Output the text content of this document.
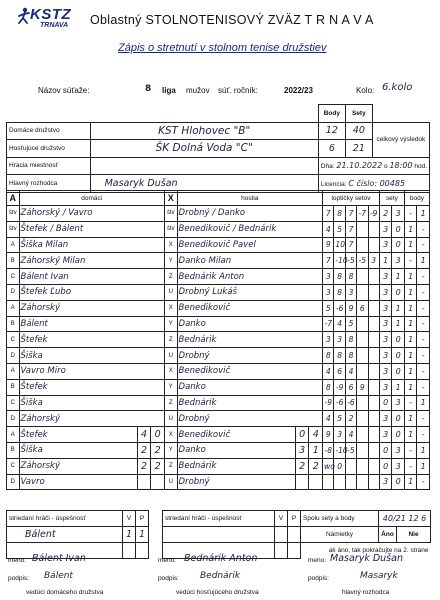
KSTZ
TRNAVA Oblastný STOLNOTENISOVÝ ZVÄZ T R N A V A
Zápis o stretnutí v stolnom tenise družstiev
Názov súťaže:	8 liga mužov súť. ročník:	2022/23	Kolo: 6.kolo
		Body	Sety	
Domáce družstvo	KST Hlohovec "B"	12	40	celkový výsledok
Hosťujúce družstvo	ŠK Dolná Voda "C"	6	21	
Hracia miestnosť		Dňa: 21.10.2022 o 18:00 hod.		
Hlavný rozhodca	Masaryk Dušan	Licencia: C číslo: 00485		
A	domáci			X	hostia			loptičky setov					sety		body	
štv	Záhorský / Vavro			štv	Drobný / Danko			7	8	7	-7	-9	2	3	-	1
štv	Štefek / Bálent			štv	Benedikovič / Bednárik			4	5	7			3	0	1	-
A	Šiška Milan			X	Benedikovič Pavel			9	10	7			3	0	1	-
B	Záhorský Milan			Y	Danko Milan			7	-10	-5	-5	3	1	3	-	1
C	Bálent Ivan			Z	Bednárik Anton			3	8	8			3	1	1	-
D	Štefek Ľubo			U	Drobný Lukáš			3	8	3			3	0	1	-
A	Záhorský			X	Benedikovič			5	-6	9	6		3	1	1	-
B	Bálent			Y	Danko			-7	4	5			3	1	1	-
C	Štefek			Z	Bednárik			3	3	8			3	0	1	-
D	Šiška			U	Drobný			8	8	8			3	0	1	-
A	Vavro Miro			X	Benedikovič			4	6	4			3	0	1	-
B	Štefek			Y	Danko			8	-9	6	9		3	1	1	-
C	Šiška			Z	Bednárik			-9	-6	-6			0	3	-	1
D	Záhorský			U	Drobný			4	5	2			3	0	1	-
A	Štefek	4	0	X	Benedikovič	0	4	9	3	4			3	0	1	-
B	Šiška	2	2	Y	Danko	3	1	-8	-10	-5			0	3	-	1
C	Záhorský	2	2	Z	Bednárik	2	2	wo	0				0	3	-	1
D	Vavro			U	Drobný								3	0	1	-
striedaní hráči - úspešnosť	V	P		striedaní hráči - úspešnosť	V	P	Spolu sety a body	40/21 12 6	
Bálent	1	1					Námietky	Áno	Nie
							ak áno, tak pokračujte na 2. strane		
meno: Bálent Ivan
podpis: Bálent
vedúci domáceho družstva
meno: Bednárik Anton
podpis: Bednárik
vedúci hosťujúceho družstva
meno: Masaryk Dušan
podpis:	Masaryk
hlavný rozhodca
